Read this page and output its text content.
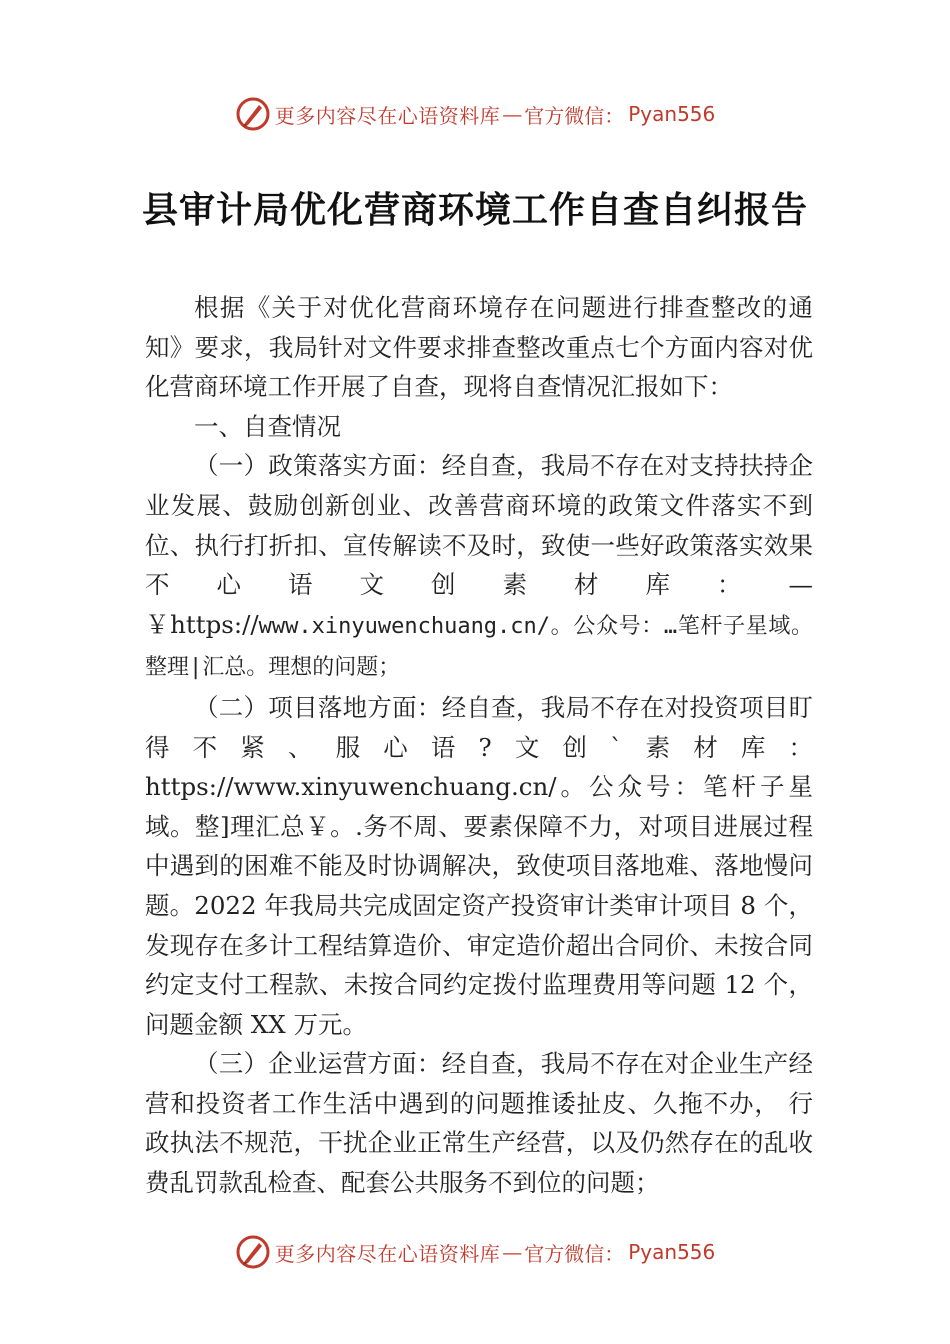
更多内容尽在心语资料库 — 官方微信： Pyan556
县审计局优化营商环境工作自查自纠报告

根据《关于对优化营商环境存在问题进行排查整改的通知》要求，我局针对文件要求排查整改重点七个方面内容对优化营商环境工作开展了自查，现将自查情况汇报如下：

一、自查情况

（一）政策落实方面：经自查，我局不存在对支持扶持企业发展、鼓励创新创业、改善营商环境的政策文件落实不到位、执行打折扣、宣传解读不及时，致使一些好政策落实效果不心语文创素材库：—￥https://www.xinyuwenchuang.cn/。公众号：…笔杆子星域。整理|汇总。理想的问题；

（二）项目落地方面：经自查，我局不存在对投资项目盯得不紧、服心语?文创`素材库：https://www.xinyuwenchuang.cn/。公众号：笔杆子星域。整]理汇总￥。.务不周、要素保障不力，对项目进展过程中遇到的困难不能及时协调解决，致使项目落地难、落地慢问题。2022 年我局共完成固定资产投资审计类审计项目 8 个，发现存在多计工程结算造价、审定造价超出合同价、未按合同约定支付工程款、未按合同约定拨付监理费用等问题 12 个，问题金额 XX 万元。

（三）企业运营方面：经自查，我局不存在对企业生产经营和投资者工作生活中遇到的问题推诿扯皮、久拖不办， 行政执法不规范，干扰企业正常生产经营，以及仍然存在的乱收费乱罚款乱检查、配套公共服务不到位的问题；

更多内容尽在心语资料库 — 官方微信： Pyan556
